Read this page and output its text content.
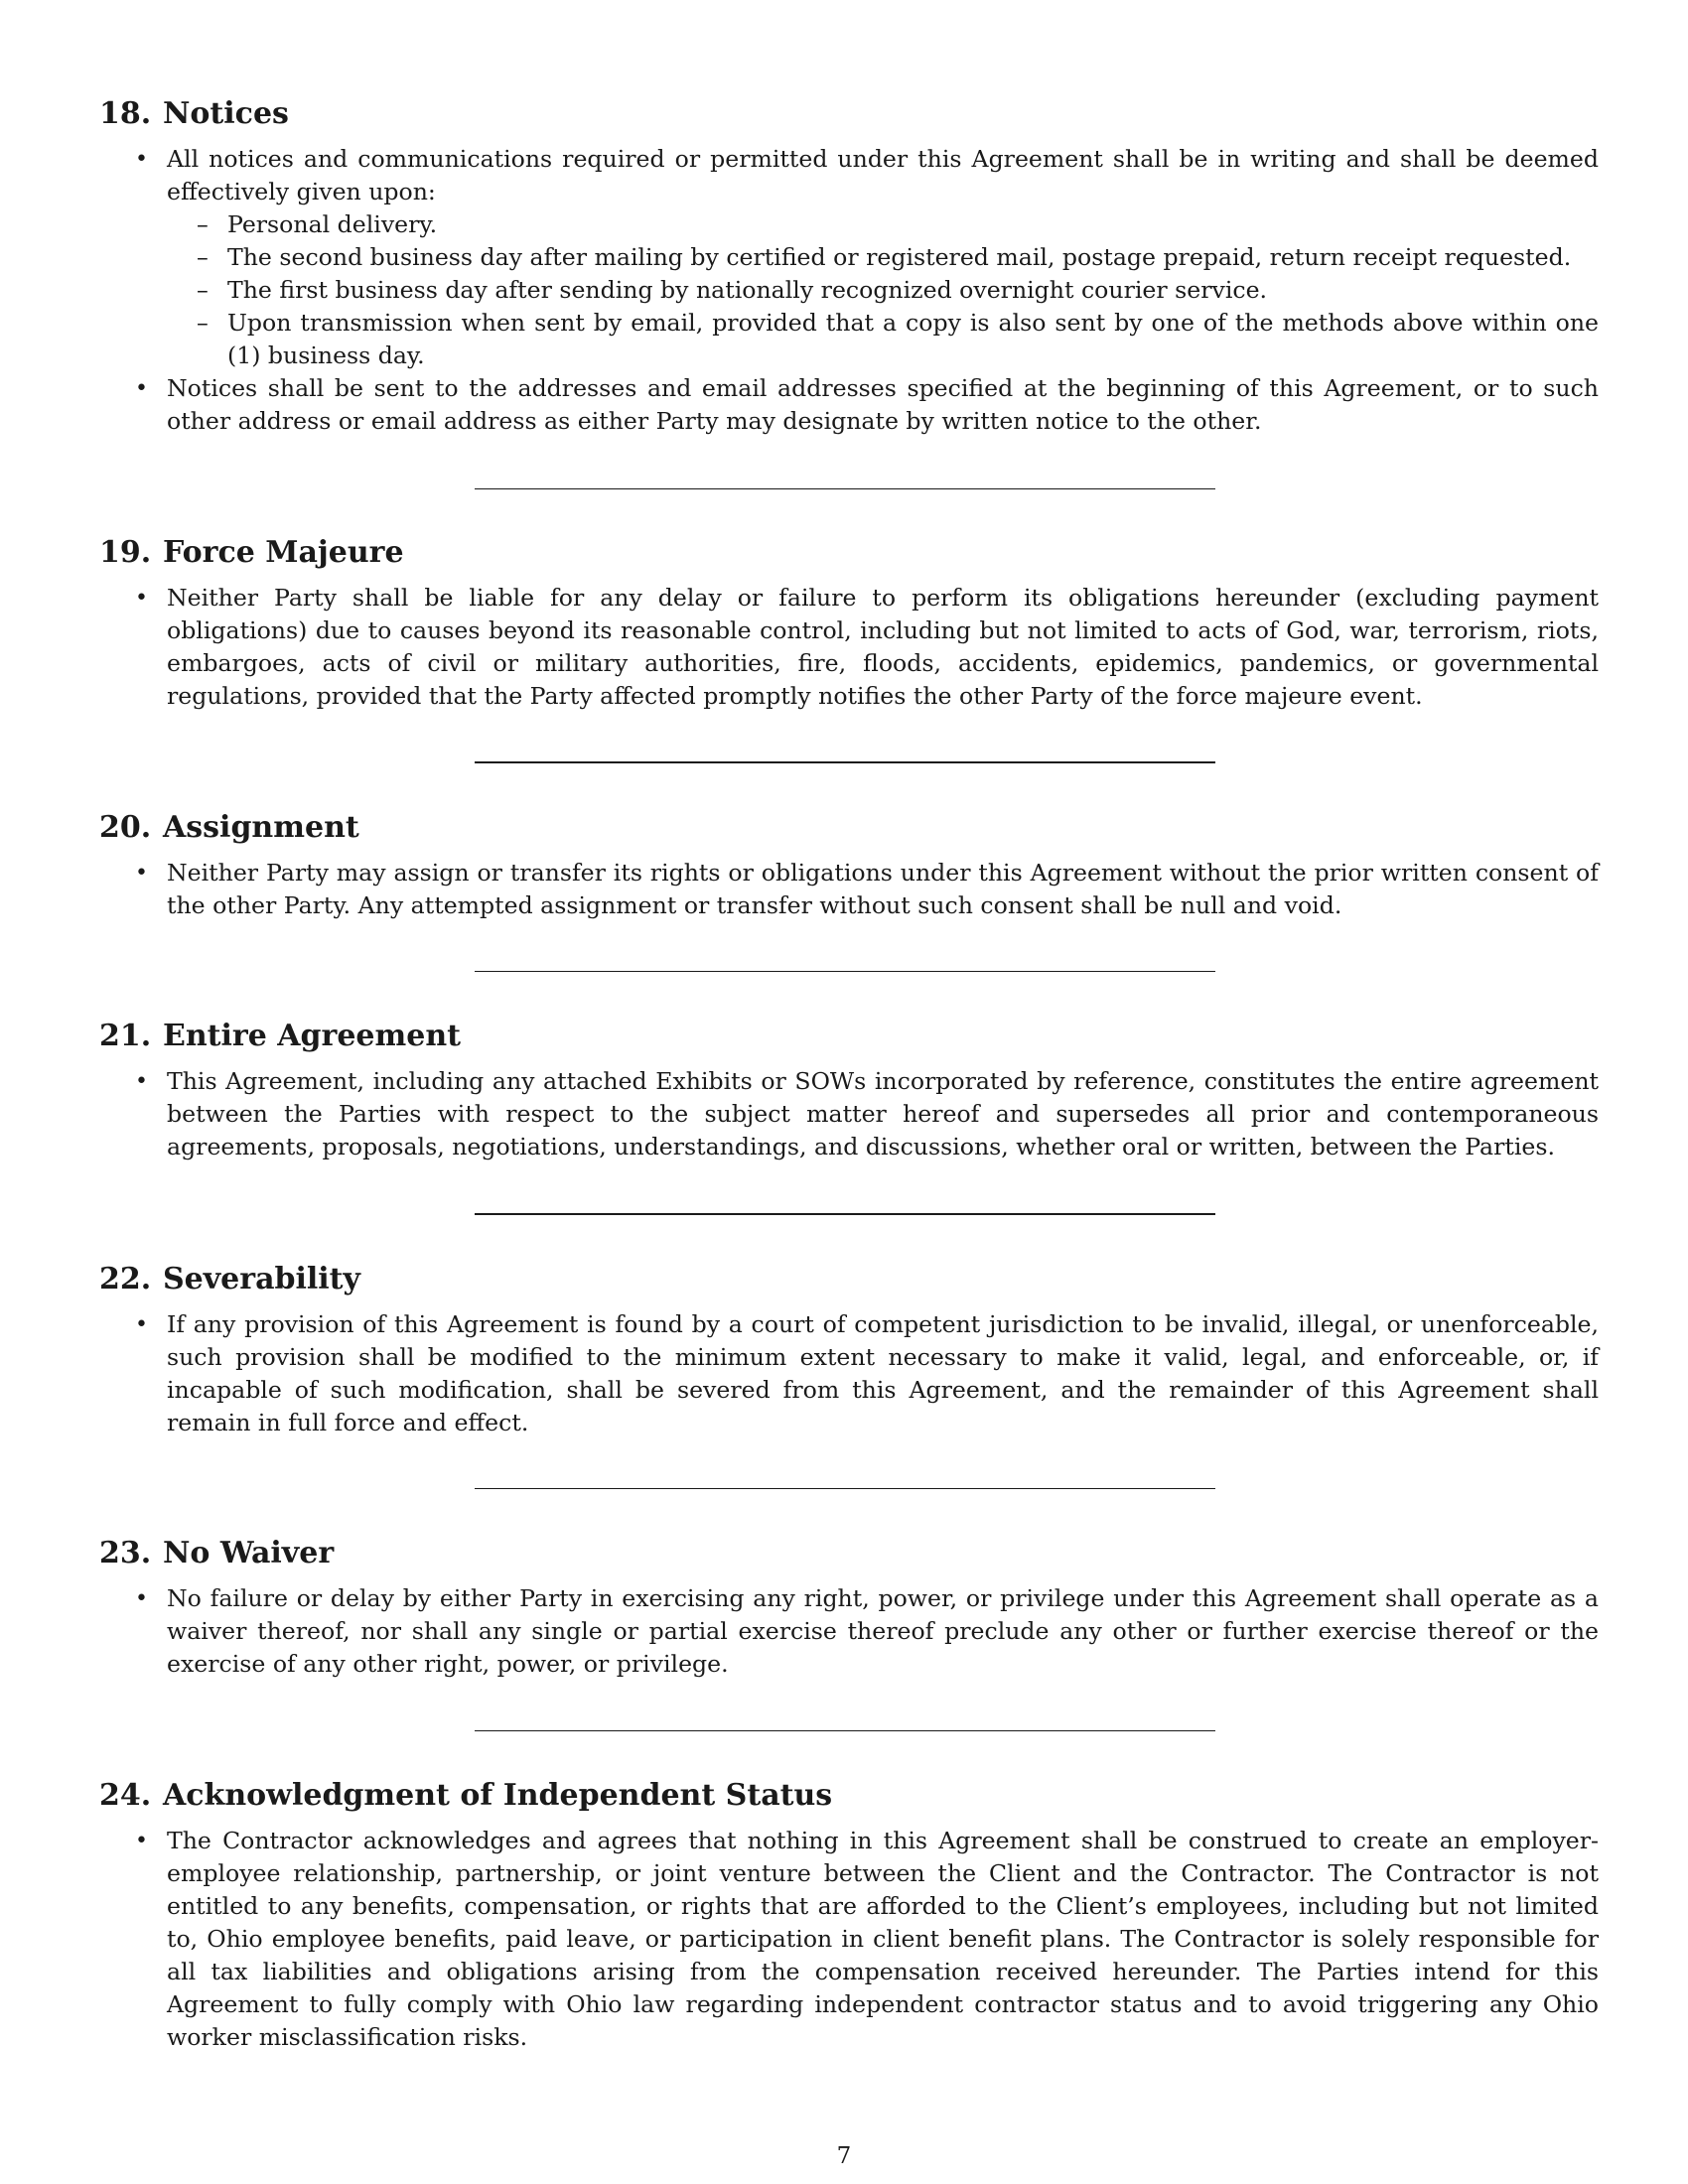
18. Notices
• All notices and communications required or permitted under this Agreement shall be in writing and shall be deemed effectively given upon:
– Personal delivery.
– The second business day after mailing by certified or registered mail, postage prepaid, return receipt requested.
– The first business day after sending by nationally recognized overnight courier service.
– Upon transmission when sent by email, provided that a copy is also sent by one of the methods above within one (1) business day.
• Notices shall be sent to the addresses and email addresses specified at the beginning of this Agreement, or to such other address or email address as either Party may designate by written notice to the other.
19. Force Majeure
• Neither Party shall be liable for any delay or failure to perform its obligations hereunder (excluding payment obligations) due to causes beyond its reasonable control, including but not limited to acts of God, war, terrorism, riots, embargoes, acts of civil or military authorities, fire, floods, accidents, epidemics, pandemics, or governmental regulations, provided that the Party affected promptly notifies the other Party of the force majeure event.
20. Assignment
• Neither Party may assign or transfer its rights or obligations under this Agreement without the prior written consent of the other Party. Any attempted assignment or transfer without such consent shall be null and void.
21. Entire Agreement
• This Agreement, including any attached Exhibits or SOWs incorporated by reference, constitutes the entire agreement between the Parties with respect to the subject matter hereof and supersedes all prior and contemporaneous agreements, proposals, negotiations, understandings, and discussions, whether oral or written, between the Parties.
22. Severability
• If any provision of this Agreement is found by a court of competent jurisdiction to be invalid, illegal, or unenforceable, such provision shall be modified to the minimum extent necessary to make it valid, legal, and enforceable, or, if incapable of such modification, shall be severed from this Agreement, and the remainder of this Agreement shall remain in full force and effect.
23. No Waiver
• No failure or delay by either Party in exercising any right, power, or privilege under this Agreement shall operate as a waiver thereof, nor shall any single or partial exercise thereof preclude any other or further exercise thereof or the exercise of any other right, power, or privilege.
24. Acknowledgment of Independent Status
• The Contractor acknowledges and agrees that nothing in this Agreement shall be construed to create an employer-employee relationship, partnership, or joint venture between the Client and the Contractor. The Contractor is not entitled to any benefits, compensation, or rights that are afforded to the Client’s employees, including but not limited to, Ohio employee benefits, paid leave, or participation in client benefit plans. The Contractor is solely responsible for all tax liabilities and obligations arising from the compensation received hereunder. The Parties intend for this Agreement to fully comply with Ohio law regarding independent contractor status and to avoid triggering any Ohio worker misclassification risks.
7
